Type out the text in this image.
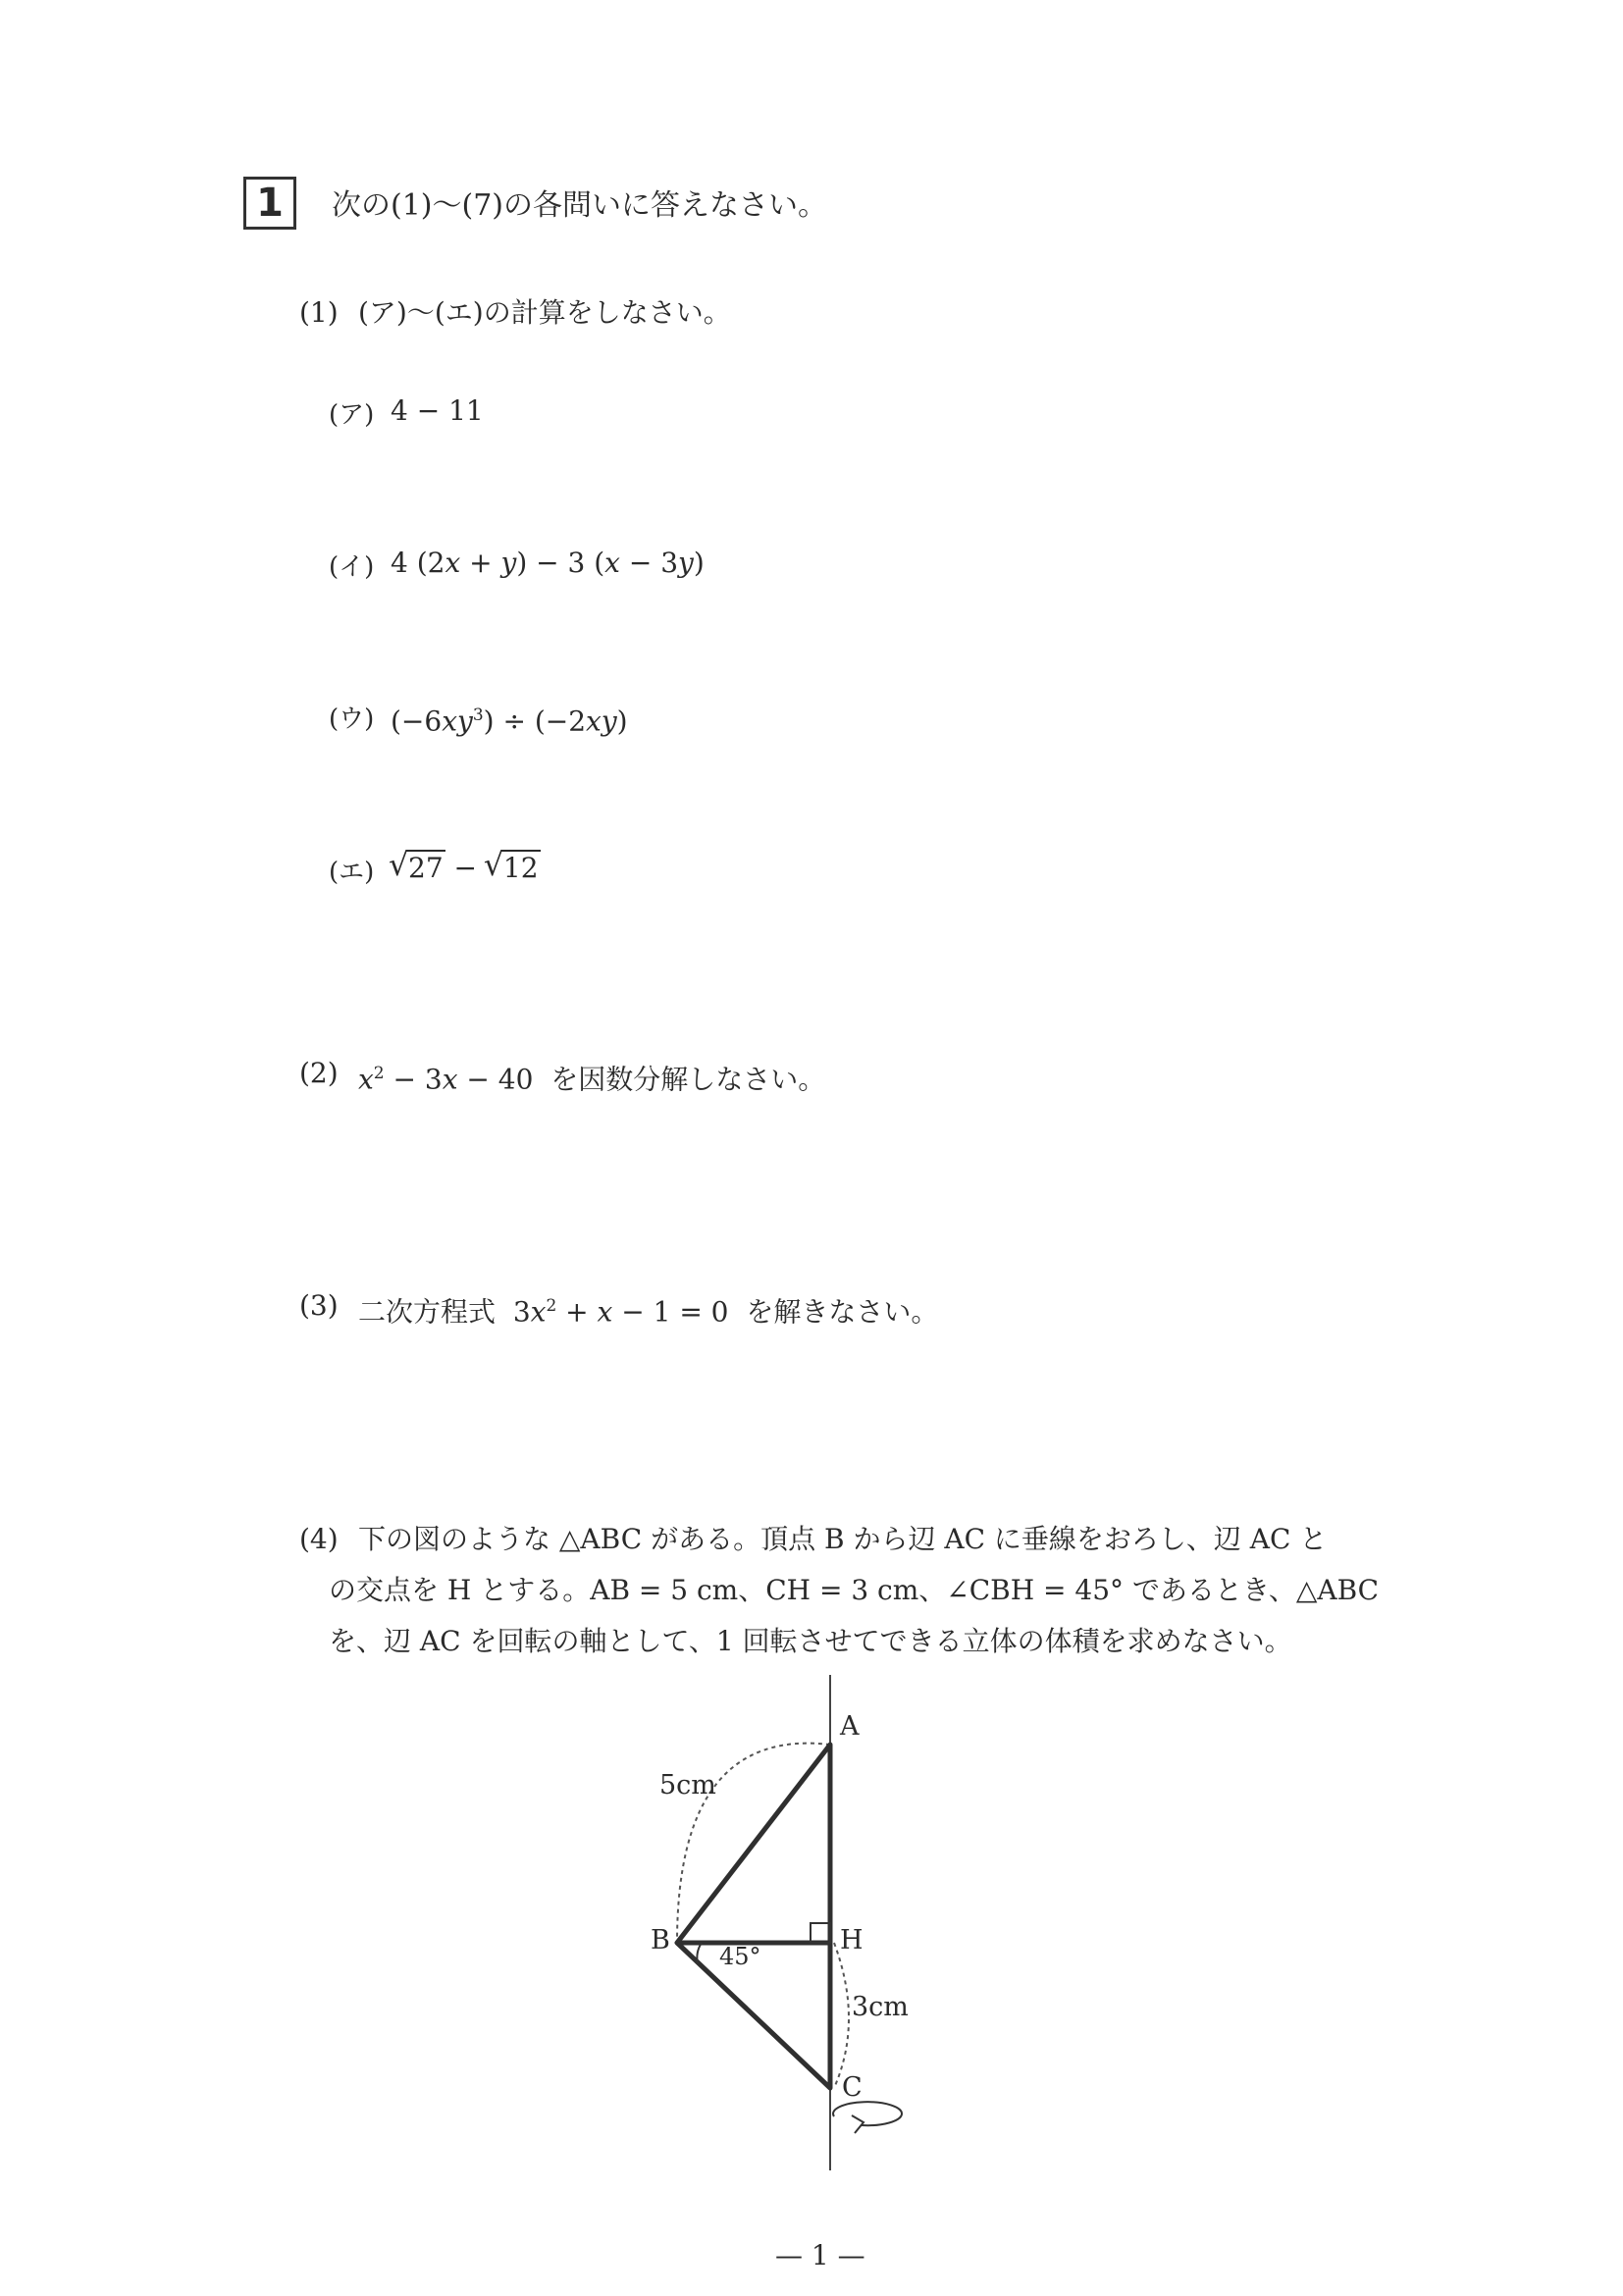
1	次の(1)〜(7)の各問いに答えなさい。
(1) (ア)〜(エ)の計算をしなさい。
(ア) 4 − 11
(イ) 4 (2x + y) − 3 (x − 3y)
(ウ) $(-6xy^3) \div (-2xy)$
(エ)
√	27 − √ 12
(2) $x^2 - 3x - 40$ を因数分解しなさい。
(3) 二次方程式 $3x^2 + x - 1 = 0$ を解きなさい。
(4) 下の図のような △ABC がある。頂点 B から辺 AC に垂線をおろし、辺 AC と
の交点を H とする。AB = 5 cm、CH = 3 cm、∠CBH = 45° であるとき、△ABC
を、辺 AC を回転の軸として、1 回転させてできる立体の体積を求めなさい。
A
B
C
H
5cm
3cm
45°
— 1 —
